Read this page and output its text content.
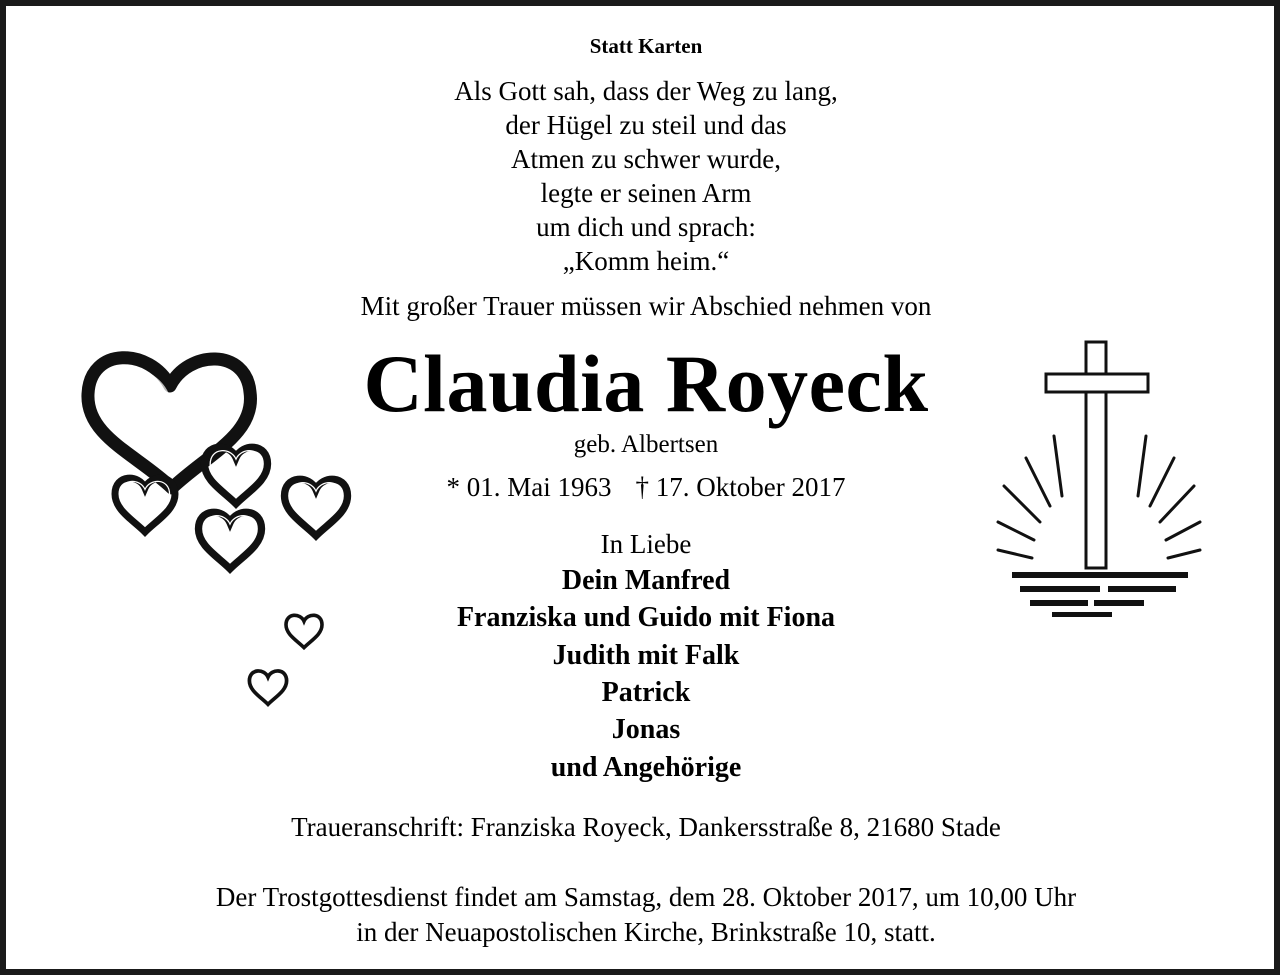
Statt Karten
Als Gott sah, dass der Weg zu lang,
der Hügel zu steil und das
Atmen zu schwer wurde,
legte er seinen Arm
um dich und sprach:
„Komm heim.“
Mit großer Trauer müssen wir Abschied nehmen von
Claudia Royeck
geb. Albertsen
* 01. Mai 1963 † 17. Oktober 2017
In Liebe
Dein Manfred
Franziska und Guido mit Fiona
Judith mit Falk
Patrick
Jonas
und Angehörige
Traueranschrift: Franziska Royeck, Dankersstraße 8, 21680 Stade
Der Trostgottesdienst findet am Samstag, dem 28. Oktober 2017, um 10,00 Uhr
in der Neuapostolischen Kirche, Brinkstraße 10, statt.
